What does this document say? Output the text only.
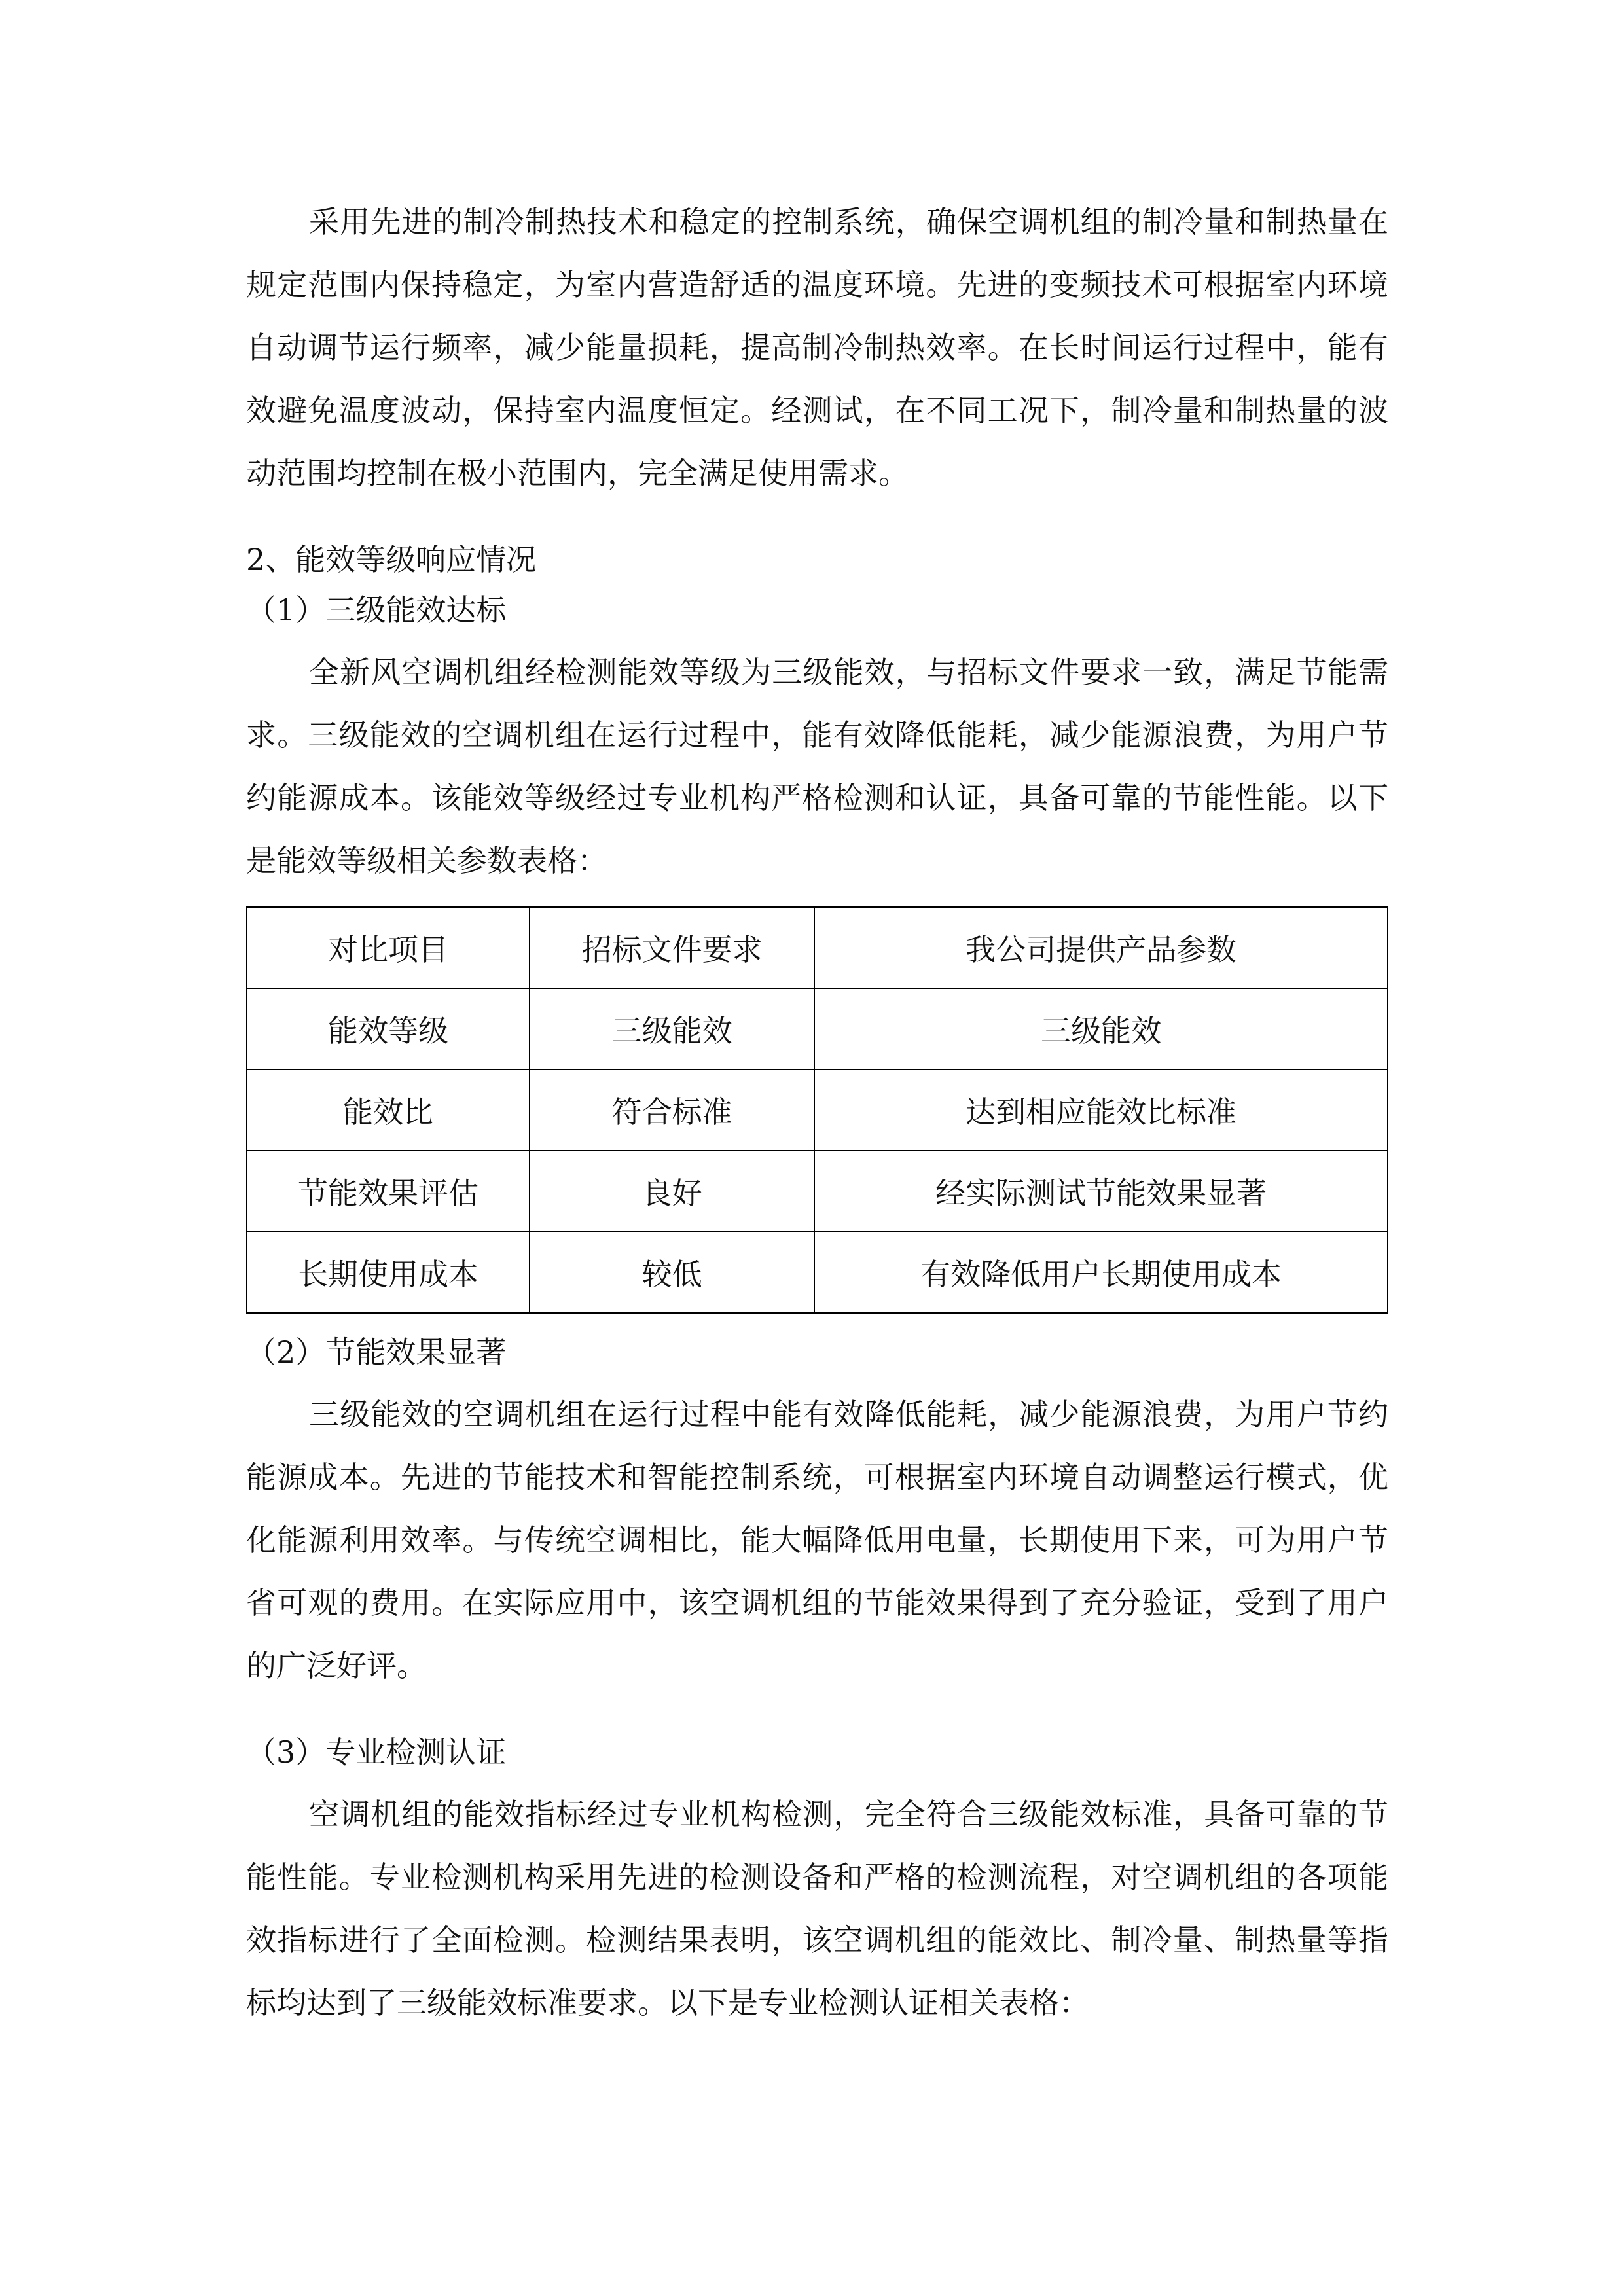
采用先进的制冷制热技术和稳定的控制系统，确保空调机组的制冷量和制热量在规定范围内保持稳定，为室内营造舒适的温度环境。先进的变频技术可根据室内环境自动调节运行频率，减少能量损耗，提高制冷制热效率。在长时间运行过程中，能有效避免温度波动，保持室内温度恒定。经测试，在不同工况下，制冷量和制热量的波动范围均控制在极小范围内，完全满足使用需求。

2、能效等级响应情况

（1）三级能效达标

全新风空调机组经检测能效等级为三级能效，与招标文件要求一致，满足节能需求。三级能效的空调机组在运行过程中，能有效降低能耗，减少能源浪费，为用户节约能源成本。该能效等级经过专业机构严格检测和认证，具备可靠的节能性能。以下是能效等级相关参数表格：

对比项目	招标文件要求	我公司提供产品参数
能效等级	三级能效	三级能效
能效比	符合标准	达到相应能效比标准
节能效果评估	良好	经实际测试节能效果显著
长期使用成本	较低	有效降低用户长期使用成本

（2）节能效果显著

三级能效的空调机组在运行过程中能有效降低能耗，减少能源浪费，为用户节约能源成本。先进的节能技术和智能控制系统，可根据室内环境自动调整运行模式，优化能源利用效率。与传统空调相比，能大幅降低用电量，长期使用下来，可为用户节省可观的费用。在实际应用中，该空调机组的节能效果得到了充分验证，受到了用户的广泛好评。

（3）专业检测认证

空调机组的能效指标经过专业机构检测，完全符合三级能效标准，具备可靠的节能性能。专业检测机构采用先进的检测设备和严格的检测流程，对空调机组的各项能效指标进行了全面检测。检测结果表明，该空调机组的能效比、制冷量、制热量等指标均达到了三级能效标准要求。以下是专业检测认证相关表格：
